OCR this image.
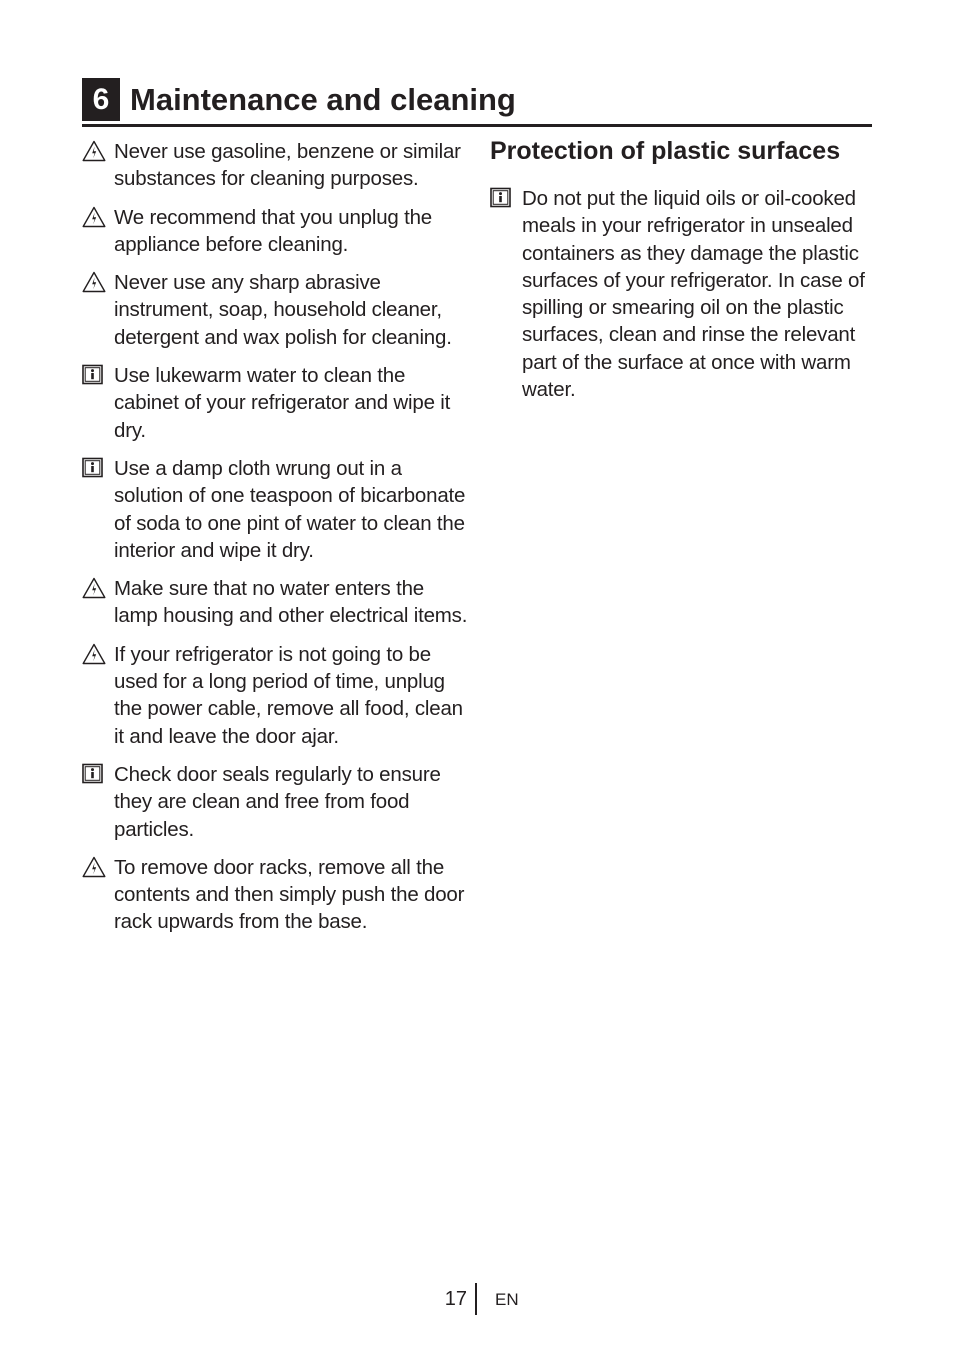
6 Maintenance and cleaning
Never use gasoline, benzene or similar substances for cleaning purposes.
We recommend that you unplug the appliance before cleaning.
Never use any sharp abrasive instrument, soap, household cleaner, detergent and wax polish for cleaning.
Use lukewarm water to clean the cabinet of your refrigerator and wipe it dry.
Use a damp cloth wrung out in a solution of one teaspoon of bicarbonate of soda to one pint of water to clean the interior and wipe it dry.
Make sure that no water enters the lamp housing and other electrical items.
If your refrigerator is not going to be used for a long period of time, unplug the power cable, remove all food, clean it and leave the door ajar.
Check door seals regularly to ensure they are clean and free from food particles.
To remove door racks, remove all the contents and then simply push the door rack upwards from the base.
Protection of plastic surfaces
Do not put the liquid oils or oil-cooked meals in your refrigerator in unsealed containers as they damage the plastic surfaces of your refrigerator. In case of spilling or smearing oil on the plastic surfaces, clean and rinse the relevant part of the surface at once with warm water.
17 EN
